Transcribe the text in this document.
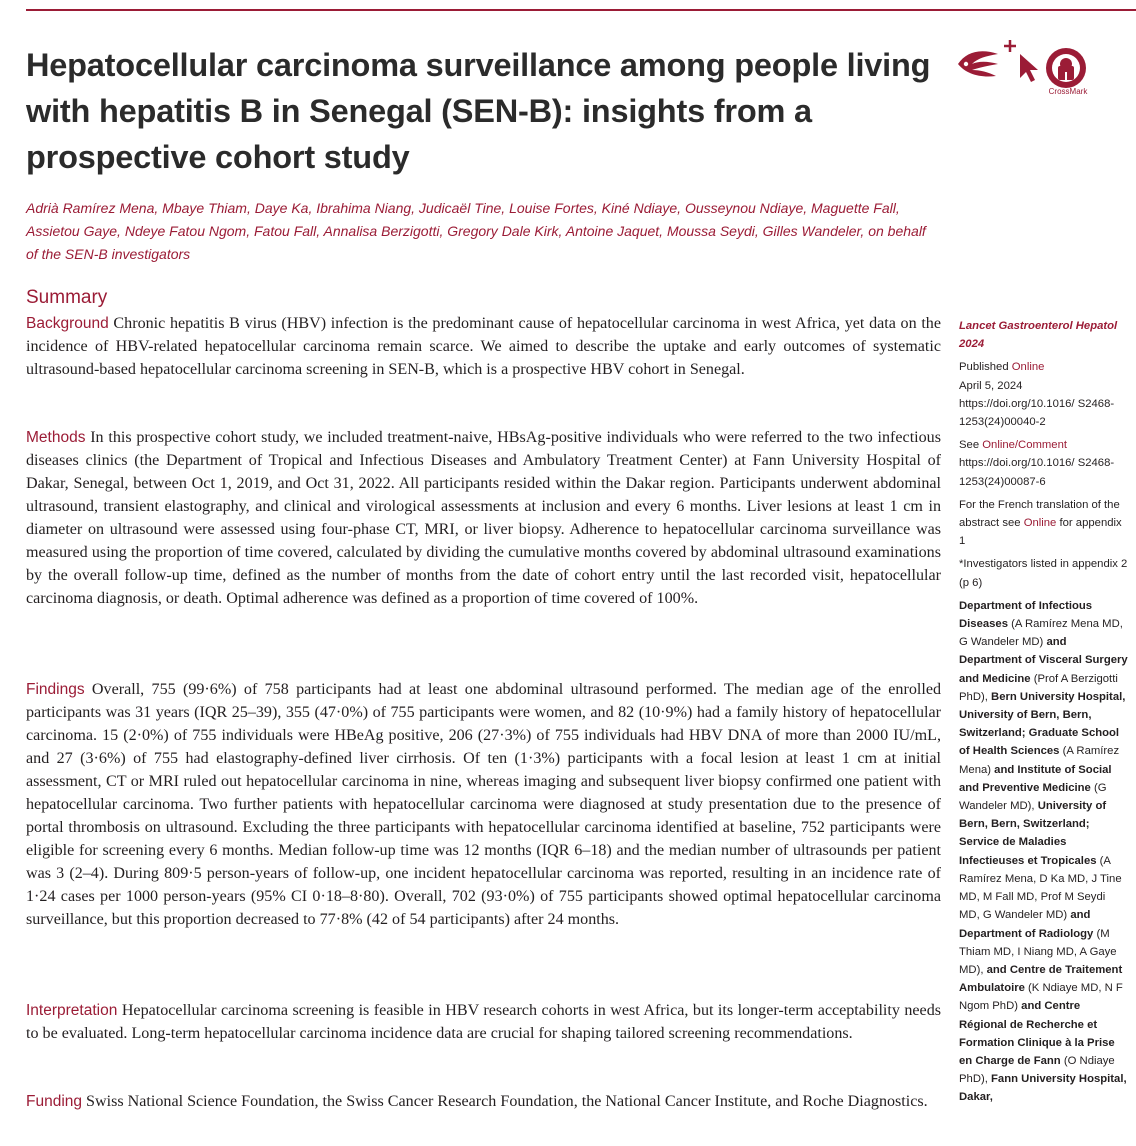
Hepatocellular carcinoma surveillance among people living with hepatitis B in Senegal (SEN-B): insights from a prospective cohort study
CrossMark

Adrià Ramírez Mena, Mbaye Thiam, Daye Ka, Ibrahima Niang, Judicaël Tine, Louise Fortes, Kiné Ndiaye, Ousseynou Ndiaye, Maguette Fall, Assietou Gaye, Ndeye Fatou Ngom, Fatou Fall, Annalisa Berzigotti, Gregory Dale Kirk, Antoine Jaquet, Moussa Seydi, Gilles Wandeler, on behalf of the SEN-B investigators

Summary

Background Chronic hepatitis B virus (HBV) infection is the predominant cause of hepatocellular carcinoma in west Africa, yet data on the incidence of HBV-related hepatocellular carcinoma remain scarce. We aimed to describe the uptake and early outcomes of systematic ultrasound-based hepatocellular carcinoma screening in SEN-B, which is a prospective HBV cohort in Senegal.

Methods In this prospective cohort study, we included treatment-naive, HBsAg-positive individuals who were referred to the two infectious diseases clinics (the Department of Tropical and Infectious Diseases and Ambulatory Treatment Center) at Fann University Hospital of Dakar, Senegal, between Oct 1, 2019, and Oct 31, 2022. All participants resided within the Dakar region. Participants underwent abdominal ultrasound, transient elastography, and clinical and virological assessments at inclusion and every 6 months. Liver lesions at least 1 cm in diameter on ultrasound were assessed using four-phase CT, MRI, or liver biopsy. Adherence to hepatocellular carcinoma surveillance was measured using the proportion of time covered, calculated by dividing the cumulative months covered by abdominal ultrasound examinations by the overall follow-up time, defined as the number of months from the date of cohort entry until the last recorded visit, hepatocellular carcinoma diagnosis, or death. Optimal adherence was defined as a proportion of time covered of 100%.

Findings Overall, 755 (99·6%) of 758 participants had at least one abdominal ultrasound performed. The median age of the enrolled participants was 31 years (IQR 25–39), 355 (47·0%) of 755 participants were women, and 82 (10·9%) had a family history of hepatocellular carcinoma. 15 (2·0%) of 755 individuals were HBeAg positive, 206 (27·3%) of 755 individuals had HBV DNA of more than 2000 IU/mL, and 27 (3·6%) of 755 had elastography-defined liver cirrhosis. Of ten (1·3%) participants with a focal lesion at least 1 cm at initial assessment, CT or MRI ruled out hepatocellular carcinoma in nine, whereas imaging and subsequent liver biopsy confirmed one patient with hepatocellular carcinoma. Two further patients with hepatocellular carcinoma were diagnosed at study presentation due to the presence of portal thrombosis on ultrasound. Excluding the three participants with hepatocellular carcinoma identified at baseline, 752 participants were eligible for screening every 6 months. Median follow-up time was 12 months (IQR 6–18) and the median number of ultrasounds per patient was 3 (2–4). During 809·5 person-years of follow-up, one incident hepatocellular carcinoma was reported, resulting in an incidence rate of 1·24 cases per 1000 person-years (95% CI 0·18–8·80). Overall, 702 (93·0%) of 755 participants showed optimal hepatocellular carcinoma surveillance, but this proportion decreased to 77·8% (42 of 54 participants) after 24 months.

Interpretation Hepatocellular carcinoma screening is feasible in HBV research cohorts in west Africa, but its longer-term acceptability needs to be evaluated. Long-term hepatocellular carcinoma incidence data are crucial for shaping tailored screening recommendations.

Funding Swiss National Science Foundation, the Swiss Cancer Research Foundation, the National Cancer Institute, and Roche Diagnostics.

Lancet Gastroenterol Hepatol
2024

Published Online
April 5, 2024
https://doi.org/10.1016/ S2468-1253(24)00040-2

See Online/Comment
https://doi.org/10.1016/ S2468-1253(24)00087-6

For the French translation of the abstract see Online for appendix 1

*Investigators listed in appendix 2 (p 6)

Department of Infectious Diseases (A Ramírez Mena MD, G Wandeler MD) and Department of Visceral Surgery and Medicine (Prof A Berzigotti PhD), Bern University Hospital, University of Bern, Bern, Switzerland; Graduate School of Health Sciences (A Ramírez Mena) and Institute of Social and Preventive Medicine (G Wandeler MD), University of Bern, Bern, Switzerland; Service de Maladies Infectieuses et Tropicales (A Ramírez Mena, D Ka MD, J Tine MD, M Fall MD, Prof M Seydi MD, G Wandeler MD) and Department of Radiology (M Thiam MD, I Niang MD, A Gaye MD), and Centre de Traitement Ambulatoire (K Ndiaye MD, N F Ngom PhD) and Centre Régional de Recherche et Formation Clinique à la Prise en Charge de Fann (O Ndiaye PhD), Fann University Hospital, Dakar,
